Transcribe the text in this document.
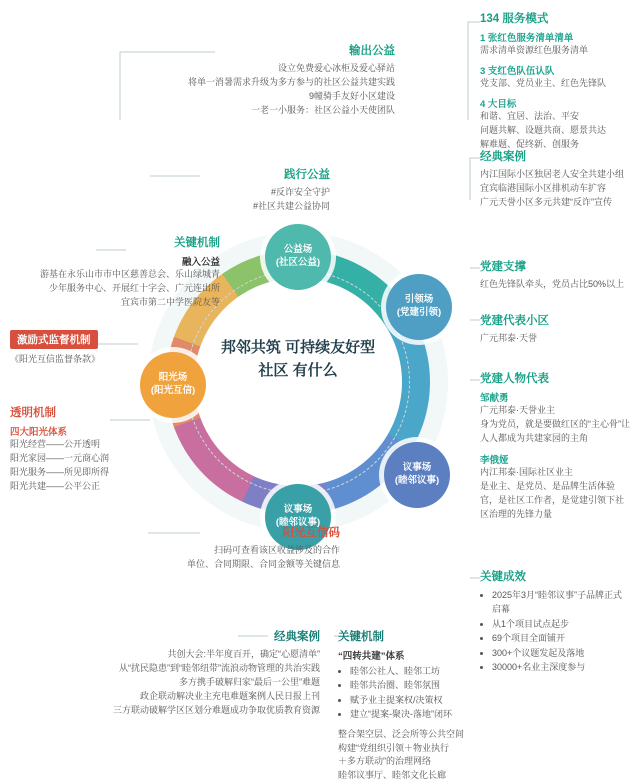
邦邻共筑 可持续友好型社区 有什么
公益场
(社区公益)
引领场
(党建引领)
议事场
(睦邻议事)
议事场
(睦邻议事)
阳光场
(阳光互信)
输出公益
设立免费爱心冰柜及爱心驿站
将单一消暑需求升级为多方参与的社区公益共建实践
9幢骑手友好小区建设
一老一小服务：社区公益小天使团队
践行公益
#反诈安全守护
#社区共建公益协同
关键机制
融入公益
游基在永乐山市市中区慈善总会、乐山绿城青
少年服务中心、开展红十字会、广元连出所
宜宾市第二中学医院友等
激励式监督机制
《阳光互信监督条款》
透明机制
四大阳光体系
阳光经营——公开透明
阳光家园——一元商心润
阳光服务——所见即所得
阳光共建——公平公正
阳光互信码
扫码可查看该区收益涉及的合作
单位、合同期限、合同金额等关键信息
经典案例
共创大会:半年度百开，确定“心愿清单”
从“扰民隐患”到“睦邻纽带”流浪动物管理的共治实践
多方携手破解归家“最后一公里”难题
政企联动解决业主充电难题案例人民日报上刊
三方联动破解学区区划分难题成功争取优质教育资源
关键机制
“四转共建”体系
• 睦邻公社人、睦邻工坊
• 睦邻共治圈、睦邻氛围
• 赋予业主提案权/决策权
• 建立“提案-聚决-落地”闭环
整合架空层、泛会所等公共空间
构建“党组织引领＋物业执行
＋多方联动”的治理网络
睦邻议事厅、睦邻文化长廊
134 服务模式
1 张红色服务清单清单
需求清单资源红色服务清单
3 支红色队伍认队
党支部、党员业主、红色先锋队
4 大目标
和谐、宜居、法治、平安
问题共解、设题共商、愿景共达
解难题、促终新、创服务
经典案例
内江国际小区独居老人安全共建小组
宜宾临港国际小区排机动车扩容
广元天誉小区多元共建“反诈”宣传
党建支撑
红色先锋队牵头，党员占比50%以上
党建代表小区
广元邦泰·天誉
党建人物代表
邹献勇
广元邦泰·天誉业主
身为党员，就是要做红区的“主心骨”让人人都成为共建家园的主角
李俄娅
内江邦泰·国际社区业主
是业主、是党员、是品牌生活体验官，是社区工作者，是觉建引领下社区治理的先锋力量
关键成效
• 2025年3月“睦邻议事”子品牌正式启幕
• 从1个项目试点起步
• 69个项目全面铺开
• 300+个议题发起及落地
• 30000+名业主深度参与
